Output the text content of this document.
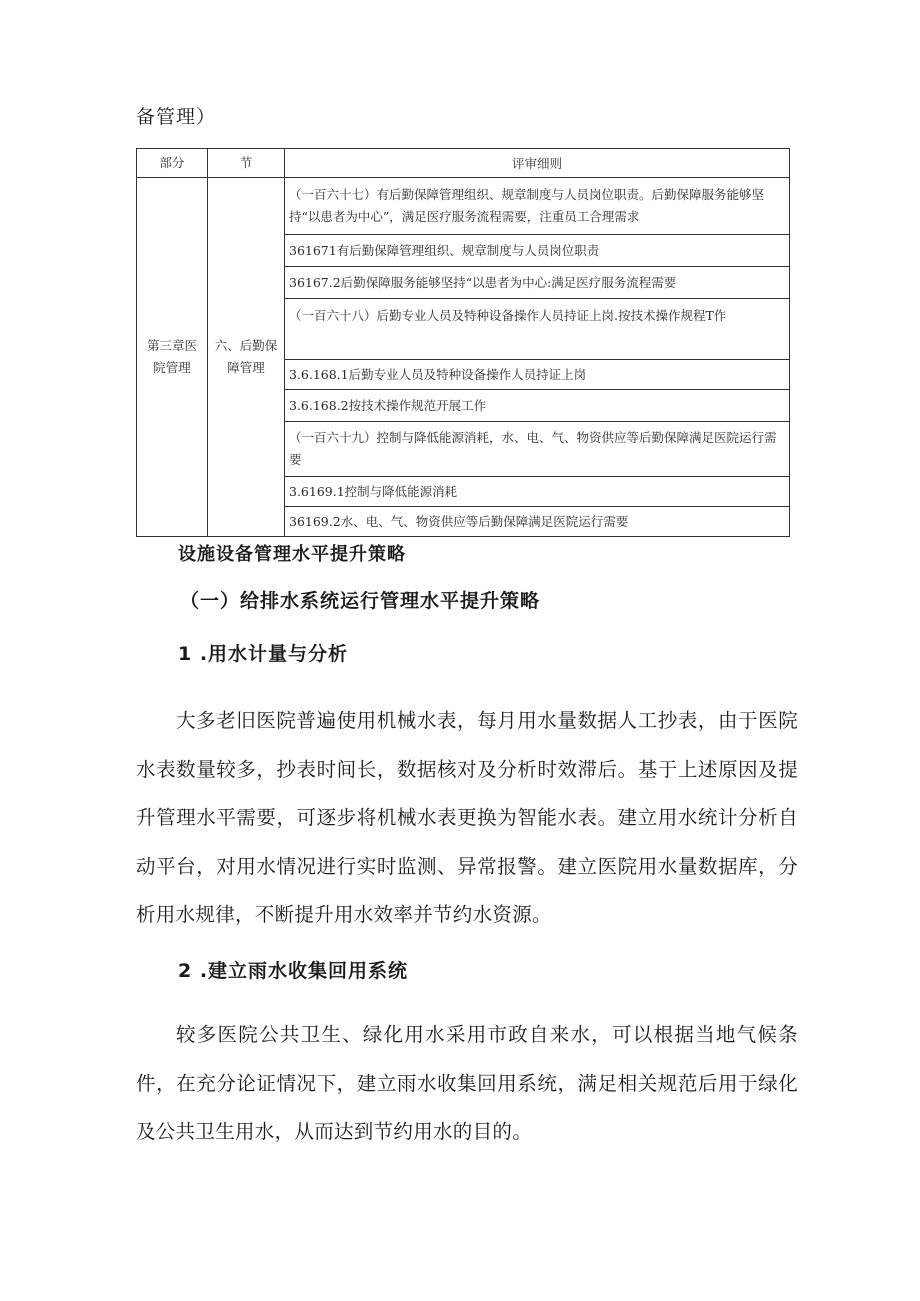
备管理）
部分	节	评审细则
第三章医院管理	六、后勤保障管理	（一百六十七）有后勤保障管理组织、规章制度与人员岗位职责。后勤保障服务能够坚持“以患者为中心”，满足医疗服务流程需要，注重员工合理需求
		361671有后勤保障管理组织、规章制度与人员岗位职责
		36167.2后勤保障服务能够坚持“以患者为中心:满足医疗服务流程需要
		（一百六十八）后勤专业人员及特种设备操作人员持证上岗.按技术操作规程T作
		3.6.168.1后勤专业人员及特种设备操作人员持证上岗
		3.6.168.2按技术操作规范开展工作
		（一百六十九）控制与降低能源消耗，水、电、气、物资供应等后勤保障满足医院运行需要
		3.6169.1控制与降低能源消耗
		36169.2水、电、气、物资供应等后勤保障满足医院运行需要
设施设备管理水平提升策略
（一）给排水系统运行管理水平提升策略
1 .用水计量与分析
大多老旧医院普遍使用机械水表，每月用水量数据人工抄表，由于医院水表数量较多，抄表时间长，数据核对及分析时效滞后。基于上述原因及提升管理水平需要，可逐步将机械水表更换为智能水表。建立用水统计分析自动平台，对用水情况进行实时监测、异常报警。建立医院用水量数据库，分析用水规律，不断提升用水效率并节约水资源。
2 .建立雨水收集回用系统
较多医院公共卫生、绿化用水采用市政自来水，可以根据当地气候条件，在充分论证情况下，建立雨水收集回用系统，满足相关规范后用于绿化及公共卫生用水，从而达到节约用水的目的。
